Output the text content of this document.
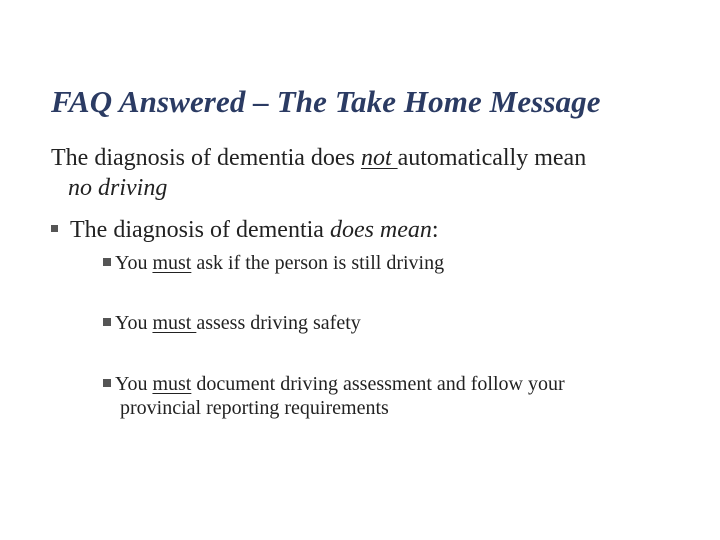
FAQ Answered – The Take Home Message
The diagnosis of dementia does not automatically mean
no driving
The diagnosis of dementia does mean:
You must ask if the person is still driving
You must assess driving safety
You must document driving assessment and follow your
provincial reporting requirements
